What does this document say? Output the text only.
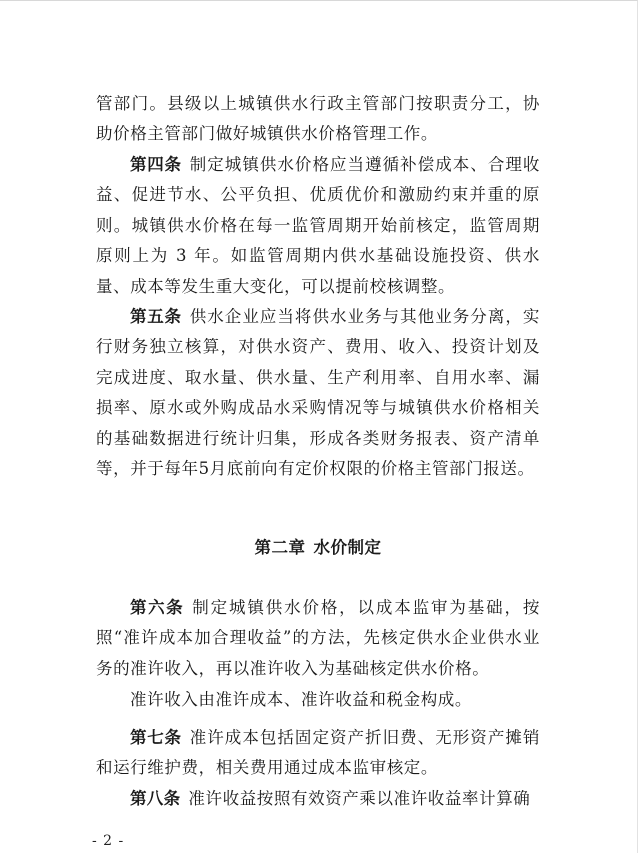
管部门。县级以上城镇供水行政主管部门按职责分工，协助价格主管部门做好城镇供水价格管理工作。

第四条 制定城镇供水价格应当遵循补偿成本、合理收益、促进节水、公平负担、优质优价和激励约束并重的原则。城镇供水价格在每一监管周期开始前核定，监管周期原则上为 3 年。如监管周期内供水基础设施投资、供水量、成本等发生重大变化，可以提前校核调整。

第五条 供水企业应当将供水业务与其他业务分离，实行财务独立核算，对供水资产、费用、收入、投资计划及完成进度、取水量、供水量、生产利用率、自用水率、漏损率、原水或外购成品水采购情况等与城镇供水价格相关的基础数据进行统计归集，形成各类财务报表、资产清单等，并于每年5月底前向有定价权限的价格主管部门报送。

第二章 水价制定

第六条 制定城镇供水价格，以成本监审为基础，按照“准许成本加合理收益”的方法，先核定供水企业供水业务的准许收入，再以准许收入为基础核定供水价格。

准许收入由准许成本、准许收益和税金构成。

第七条 准许成本包括固定资产折旧费、无形资产摊销和运行维护费，相关费用通过成本监审核定。

第八条 准许收益按照有效资产乘以准许收益率计算确

- 2 -
